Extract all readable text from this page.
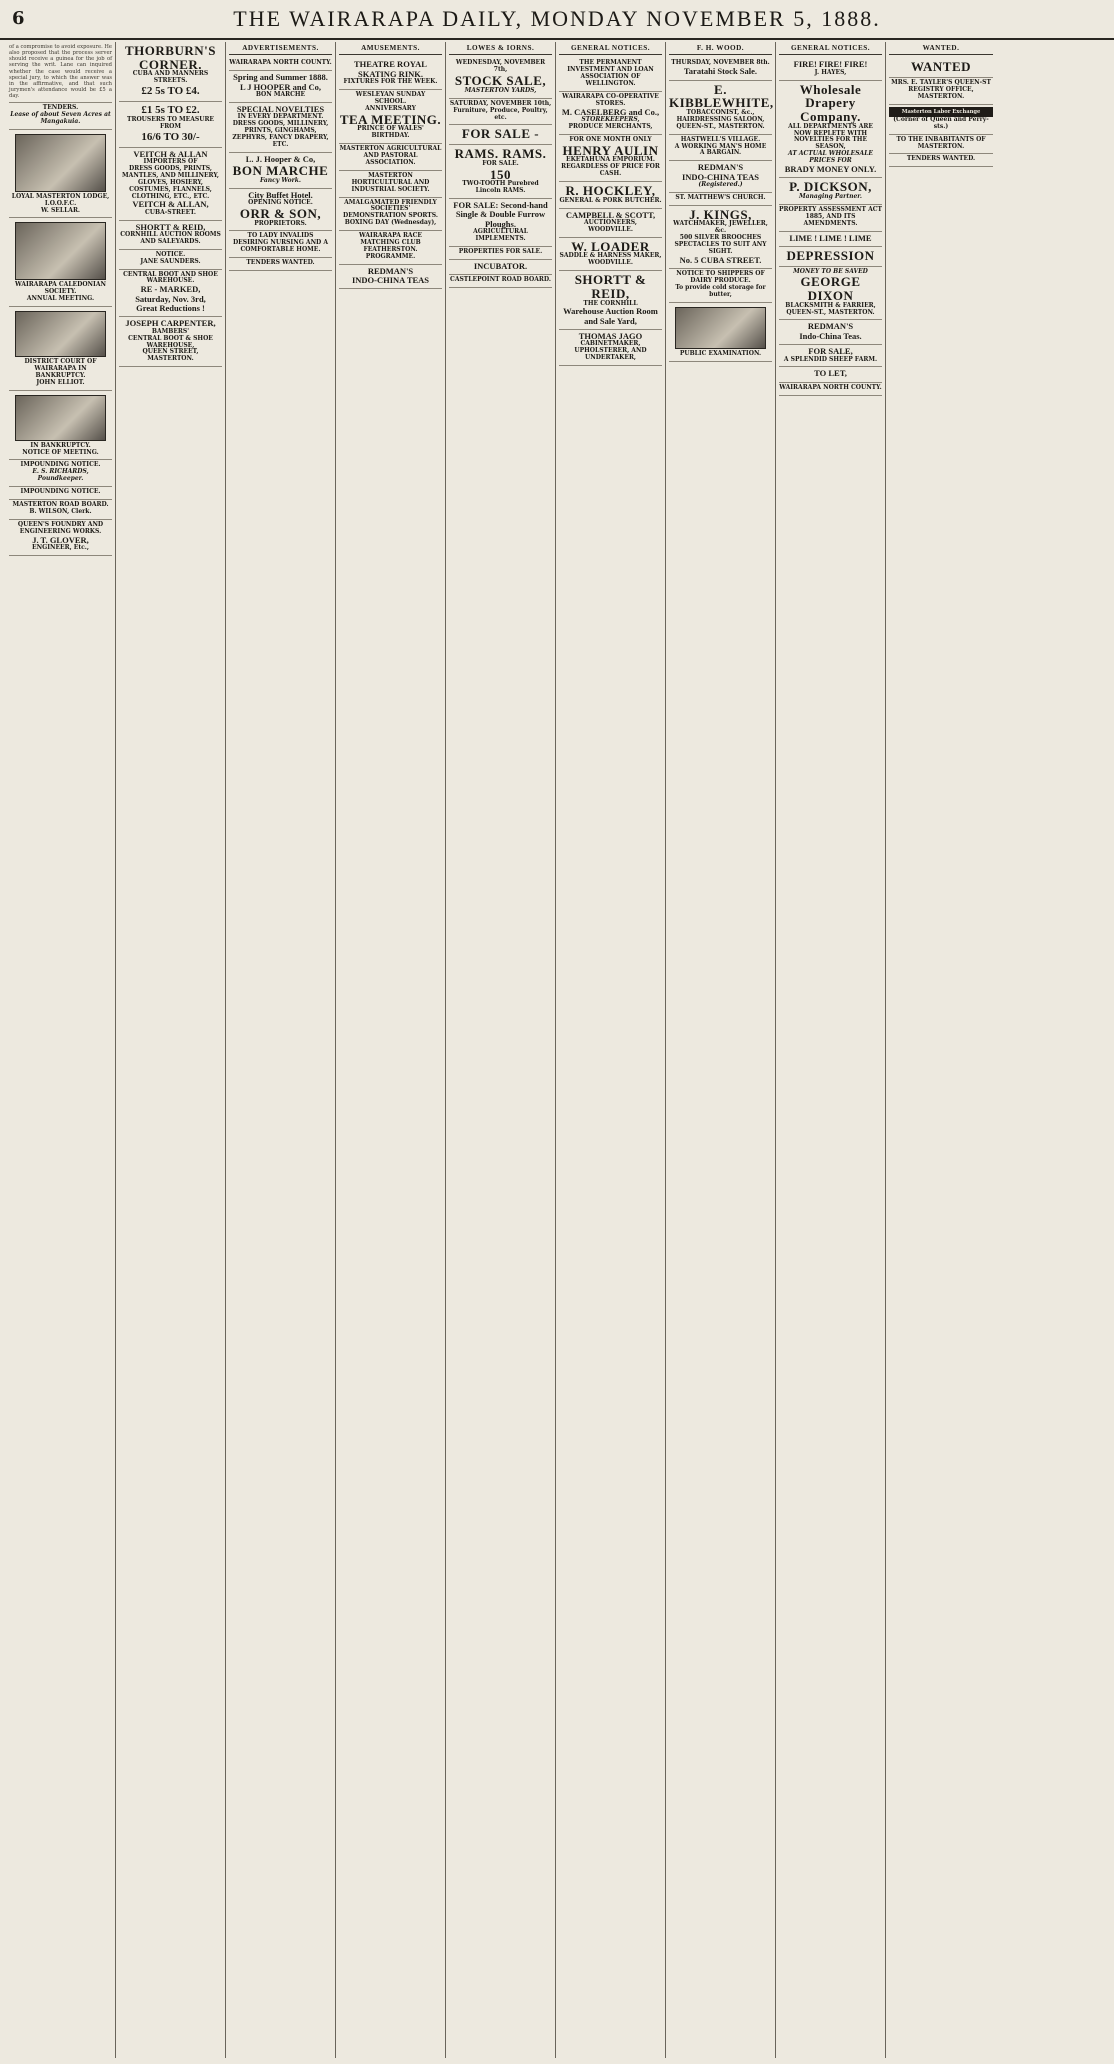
6	THE WAIRARAPA DAILY, MONDAY NOVEMBER 5, 1888.
of a compromise to avoid exposure. He also proposed that the process server should receive a guinea for the job of serving the writ. Lane can inquired whether the case would receive a special jury, to which the answer was in the affirmative, and that such jurymen's attendance would be £5 a day.
TENDERS.
Lease of about Seven Acres at Mangakuia.
LOYAL MASTERTON LODGE, I.O.O.F.C.
W. SELLAR.
WAIRARAPA CALEDONIAN SOCIETY.
ANNUAL MEETING.
DISTRICT COURT OF WAIRARAPA IN BANKRUPTCY.
JOHN ELLIOT.
IN BANKRUPTCY.
NOTICE OF MEETING.
IMPOUNDING NOTICE.
E. S. RICHARDS, Poundkeeper.
IMPOUNDING NOTICE.
MASTERTON ROAD BOARD.
B. WILSON, Clerk.
QUEEN'S FOUNDRY AND ENGINEERING WORKS.
J. T. GLOVER,
ENGINEER, Etc.,
THORBURN'S
CORNER.
CUBA AND MANNERS STREETS.
£2 5s TO £4.
£1 5s TO £2.
TROUSERS TO MEASURE FROM
16/6 TO 30/-
VEITCH & ALLAN
IMPORTERS OF
DRESS GOODS, PRINTS, MANTLES, AND MILLINERY, GLOVES, HOSIERY, COSTUMES, FLANNELS, CLOTHING, ETC., ETC.
VEITCH & ALLAN,
CUBA-STREET.
SHORTT & REID,
CORNHILL AUCTION ROOMS AND SALEYARDS.
NOTICE.
JANE SAUNDERS.
CENTRAL BOOT AND SHOE WAREHOUSE.
RE - MARKED,
Saturday, Nov. 3rd,
Great Reductions !
JOSEPH CARPENTER,
BAMBERS'
CENTRAL BOOT & SHOE WAREHOUSE,
QUEEN STREET, MASTERTON.
ADVERTISEMENTS.
WAIRARAPA NORTH COUNTY.
Spring and Summer 1888.
L J HOOPER and Co,
BON MARCHE
SPECIAL NOVELTIES
IN EVERY DEPARTMENT.
DRESS GOODS, MILLINERY, PRINTS, GINGHAMS, ZEPHYRS, FANCY DRAPERY, ETC.
L. J. Hooper & Co,
BON MARCHE
Fancy Work.
City Buffet Hotel.
OPENING NOTICE.
ORR & SON,
PROPRIETORS.
TO LADY INVALIDS DESIRING NURSING AND A COMFORTABLE HOME.
TENDERS WANTED.
AMUSEMENTS.
THEATRE ROYAL
SKATING RINK.
FIXTURES FOR THE WEEK.
WESLEYAN SUNDAY SCHOOL.
ANNIVERSARY
TEA MEETING.
PRINCE OF WALES' BIRTHDAY.
MASTERTON AGRICULTURAL AND PASTORAL ASSOCIATION.
MASTERTON HORTICULTURAL AND INDUSTRIAL SOCIETY.
AMALGAMATED FRIENDLY SOCIETIES' DEMONSTRATION SPORTS.
BOXING DAY (Wednesday),
WAIRARAPA RACE MATCHING CLUB FEATHERSTON.
PROGRAMME.
REDMAN'S
INDO-CHINA TEAS
LOWES & IORNS.
WEDNESDAY, NOVEMBER 7th,
STOCK SALE,
MASTERTON YARDS,
SATURDAY, NOVEMBER 10th,
Furniture, Produce, Poultry, etc.
FOR SALE -
RAMS. RAMS.
FOR SALE.
150
TWO-TOOTH Purebred Lincoln RAMS.
FOR SALE: Second-hand Single & Double Furrow Ploughs.
AGRICULTURAL IMPLEMENTS.
PROPERTIES FOR SALE.
INCUBATOR.
CASTLEPOINT ROAD BOARD.
GENERAL NOTICES.
THE PERMANENT INVESTMENT AND LOAN ASSOCIATION OF WELLINGTON.
WAIRARAPA CO-OPERATIVE STORES.
M. CASELBERG and Co.,
STOREKEEPERS,
PRODUCE MERCHANTS,
FOR ONE MONTH ONLY
HENRY AULIN
EKETAHUNA EMPORIUM.
REGARDLESS OF PRICE FOR CASH.
R. HOCKLEY,
GENERAL & PORK BUTCHER.
CAMPBELL & SCOTT,
AUCTIONEERS,
WOODVILLE.
W. LOADER
SADDLE & HARNESS MAKER, WOODVILLE.
SHORTT & REID,
THE CORNHILL
Warehouse Auction Room and Sale Yard,
THOMAS JAGO
CABINETMAKER, UPHOLSTERER, AND UNDERTAKER,
F. H. WOOD.
THURSDAY, NOVEMBER 8th.
Taratahi Stock Sale.
E. KIBBLEWHITE,
TOBACCONIST, &c.,
HAIRDRESSING SALOON,
QUEEN-ST., MASTERTON.
HASTWELL'S VILLAGE.
A WORKING MAN'S HOME
A BARGAIN.
REDMAN'S
INDO-CHINA TEAS
(Registered.)
ST. MATTHEW'S CHURCH.
J. KINGS,
WATCHMAKER, JEWELLER, &c.
500 SILVER BROOCHES
SPECTACLES TO SUIT ANY SIGHT.
No. 5 CUBA STREET.
NOTICE TO SHIPPERS OF DAIRY PRODUCE.
To provide cold storage for butter,
PUBLIC EXAMINATION.
GENERAL NOTICES.
FIRE! FIRE! FIRE!
J. HAYES,
Wholesale Drapery Company.
ALL DEPARTMENTS ARE NOW REPLETE WITH
NOVELTIES FOR THE SEASON,
AT ACTUAL WHOLESALE PRICES FOR
BRADY MONEY ONLY.
P. DICKSON,
Managing Partner.
PROPERTY ASSESSMENT ACT 1885, AND ITS AMENDMENTS.
LIME ! LIME ! LIME
DEPRESSION
MONEY TO BE SAVED
GEORGE DIXON
BLACKSMITH & FARRIER,
QUEEN-ST., MASTERTON.
REDMAN'S
Indo-China Teas.
FOR SALE,
A SPLENDID SHEEP FARM.
TO LET,
WAIRARAPA NORTH COUNTY.
WANTED.
WANTED
MRS. E. TAYLER'S QUEEN-ST REGISTRY OFFICE, MASTERTON.
Masterton Labor Exchange
(Corner of Queen and Perry-sts.)
TO THE INBABITANTS OF MASTERTON.
TENDERS WANTED.
